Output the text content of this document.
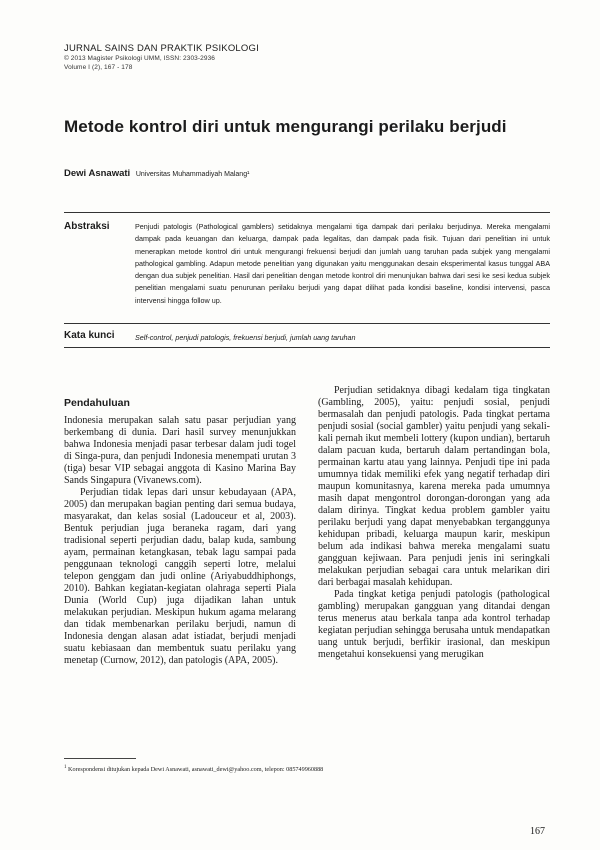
JURNAL SAINS DAN PRAKTIK PSIKOLOGI
© 2013 Magister Psikologi UMM, ISSN: 2303-2936
Volume I (2), 167 - 178
Metode kontrol diri untuk mengurangi perilaku berjudi
Dewi Asnawati Universitas Muhammadiyah Malang¹
Abstraksi	Penjudi patologis (Pathological gamblers) setidaknya mengalami tiga dampak dari perilaku berjudinya. Mereka mengalami dampak pada keuangan dan keluarga, dampak pada legalitas, dan dampak pada fisik. Tujuan dari penelitian ini untuk menerapkan metode kontrol diri untuk mengurangi frekuensi berjudi dan jumlah uang taruhan pada subjek yang mengalami pathological gambling. Adapun metode penelitian yang digunakan yaitu menggunakan desain eksperimental kasus tunggal ABA dengan dua subjek penelitian. Hasil dari penelitian dengan metode kontrol diri menunjukan bahwa dari sesi ke sesi kedua subjek penelitian mengalami suatu penurunan perilaku berjudi yang dapat dilihat pada kondisi baseline, kondisi intervensi, pasca intervensi hingga follow up.
Kata kunci	Self-control, penjudi patologis, frekuensi berjudi, jumlah uang taruhan
Pendahuluan

Indonesia merupakan salah satu pasar perjudian yang berkembang di dunia. Dari hasil survey menunjukkan bahwa Indonesia menjadi pasar terbesar dalam judi togel di Singa-pura, dan penjudi Indonesia menempati urutan 3 (tiga) besar VIP sebagai anggota di Kasino Marina Bay Sands Singapura (Vivanews.com).

Perjudian tidak lepas dari unsur kebudayaan (APA, 2005) dan merupakan bagian penting dari semua budaya, masyarakat, dan kelas sosial (Ladouceur et al, 2003). Bentuk perjudian juga beraneka ragam, dari yang tradisional seperti perjudian dadu, balap kuda, sambung ayam, permainan ketangkasan, tebak lagu sampai pada penggunaan teknologi canggih seperti lotre, melalui telepon genggam dan judi online (Ariyabuddhiphongs, 2010). Bahkan kegiatan-kegiatan olahraga seperti Piala Dunia (World Cup) juga dijadikan lahan untuk melakukan perjudian. Meskipun hukum agama melarang dan tidak membenarkan perilaku berjudi, namun di Indonesia dengan alasan adat istiadat, berjudi menjadi suatu kebiasaan dan membentuk suatu perilaku yang menetap (Curnow, 2012), dan patologis (APA, 2005).

Perjudian setidaknya dibagi kedalam tiga tingkatan (Gambling, 2005), yaitu: penjudi sosial, penjudi bermasalah dan penjudi patologis. Pada tingkat pertama penjudi sosial (social gambler) yaitu penjudi yang sekali-kali pernah ikut membeli lottery (kupon undian), bertaruh dalam pacuan kuda, bertaruh dalam pertandingan bola, permainan kartu atau yang lainnya. Penjudi tipe ini pada umumnya tidak memiliki efek yang negatif terhadap diri maupun komunitasnya, karena mereka pada umumnya masih dapat mengontrol dorongan-dorongan yang ada dalam dirinya. Tingkat kedua problem gambler yaitu perilaku berjudi yang dapat menyebabkan terganggunya kehidupan pribadi, keluarga maupun karir, meskipun belum ada indikasi bahwa mereka mengalami suatu gangguan kejiwaan. Para penjudi jenis ini seringkali melakukan perjudian sebagai cara untuk melarikan diri dari berbagai masalah kehidupan.

Pada tingkat ketiga penjudi patologis (pathological gambling) merupakan gangguan yang ditandai dengan terus menerus atau berkala tanpa ada kontrol terhadap kegiatan perjudian sehingga berusaha untuk mendapatkan uang untuk berjudi, berfikir irasional, dan meskipun mengetahui konsekuensi yang merugikan

$^1$ Korespondensi ditujukan kepada Dewi Asnawati, asnawati_dewi@yahoo.com, telepon: 085749960888
167
